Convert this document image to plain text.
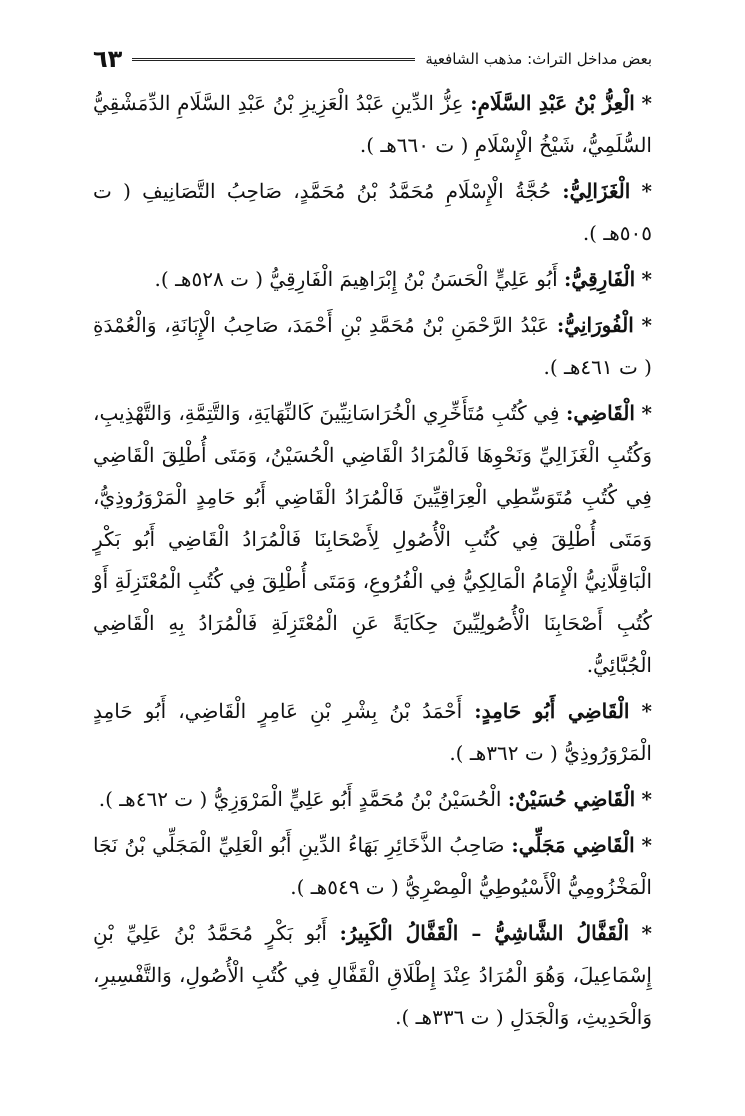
بعض مداخل التراث: مذهب الشافعية
٦٣

* الْعِزُّ بْنُ عَبْدِ السَّلَامِ: عِزُّ الدِّينِ عَبْدُ الْعَزِيزِ بْنُ عَبْدِ السَّلَامِ الدِّمَشْقِيُّ السُّلَمِيُّ، شَيْخُ الْإِسْلَامِ ( ت ٦٦٠هـ ).

* الْغَزَالِيُّ: حُجَّةُ الْإِسْلَامِ مُحَمَّدُ بْنُ مُحَمَّدٍ، صَاحِبُ التَّصَانِيفِ ( ت ٥٠٥هـ ).

* الْفَارِقِيُّ: أَبُو عَلِيٍّ الْحَسَنُ بْنُ إِبْرَاهِيمَ الْفَارِقِيُّ ( ت ٥٢٨هـ ).

* الْفُورَانِيُّ: عَبْدُ الرَّحْمَنِ بْنُ مُحَمَّدِ بْنِ أَحْمَدَ، صَاحِبُ الْإِبَانَةِ، وَالْعُمْدَةِ ( ت ٤٦١هـ ).

* الْقَاضِي: فِي كُتُبِ مُتَأَخِّرِي الْخُرَاسَانِيِّينَ كَالنِّهَايَةِ، وَالتَّتِمَّةِ، وَالتَّهْذِيبِ، وَكُتُبِ الْغَزَالِيِّ وَنَحْوِهَا فَالْمُرَادُ الْقَاضِي الْحُسَيْنُ، وَمَتَى أُطْلِقَ الْقَاضِي فِي كُتُبِ مُتَوَسِّطِي الْعِرَاقِيِّينَ فَالْمُرَادُ الْقَاضِي أَبُو حَامِدٍ الْمَرْوَرُوذِيُّ، وَمَتَى أُطْلِقَ فِي كُتُبِ الْأُصُولِ لِأَصْحَابِنَا فَالْمُرَادُ الْقَاضِي أَبُو بَكْرٍ الْبَاقِلَّانِيُّ الْإِمَامُ الْمَالِكِيُّ فِي الْفُرُوعِ، وَمَتَى أُطْلِقَ فِي كُتُبِ الْمُعْتَزِلَةِ أَوْ كُتُبِ أَصْحَابِنَا الْأُصُولِيِّينَ حِكَايَةً عَنِ الْمُعْتَزِلَةِ فَالْمُرَادُ بِهِ الْقَاضِي الْجُبَّائِيُّ.

* الْقَاضِي أَبُو حَامِدٍ: أَحْمَدُ بْنُ بِشْرِ بْنِ عَامِرٍ الْقَاضِي، أَبُو حَامِدٍ الْمَرْوَرُوذِيُّ ( ت ٣٦٢هـ ).

* الْقَاضِي حُسَيْنٌ: الْحُسَيْنُ بْنُ مُحَمَّدٍ أَبُو عَلِيٍّ الْمَرْوَزِيُّ ( ت ٤٦٢هـ ).

* الْقَاضِي مَجَلِّي: صَاحِبُ الذَّخَائِرِ بَهَاءُ الدِّينِ أَبُو الْعَلِيِّ الْمَجَلِّي بْنُ نَجَا الْمَخْزُومِيُّ الْأَسْيُوطِيُّ الْمِصْرِيُّ ( ت ٥٤٩هـ ).

* الْقَفَّالُ الشَّاشِيُّ – الْقَفَّالُ الْكَبِيرُ: أَبُو بَكْرٍ مُحَمَّدُ بْنُ عَلِيِّ بْنِ إِسْمَاعِيلَ، وَهُوَ الْمُرَادُ عِنْدَ إِطْلَاقِ الْقَفَّالِ فِي كُتُبِ الْأُصُولِ، وَالتَّفْسِيرِ، وَالْحَدِيثِ، وَالْجَدَلِ ( ت ٣٣٦هـ ).
